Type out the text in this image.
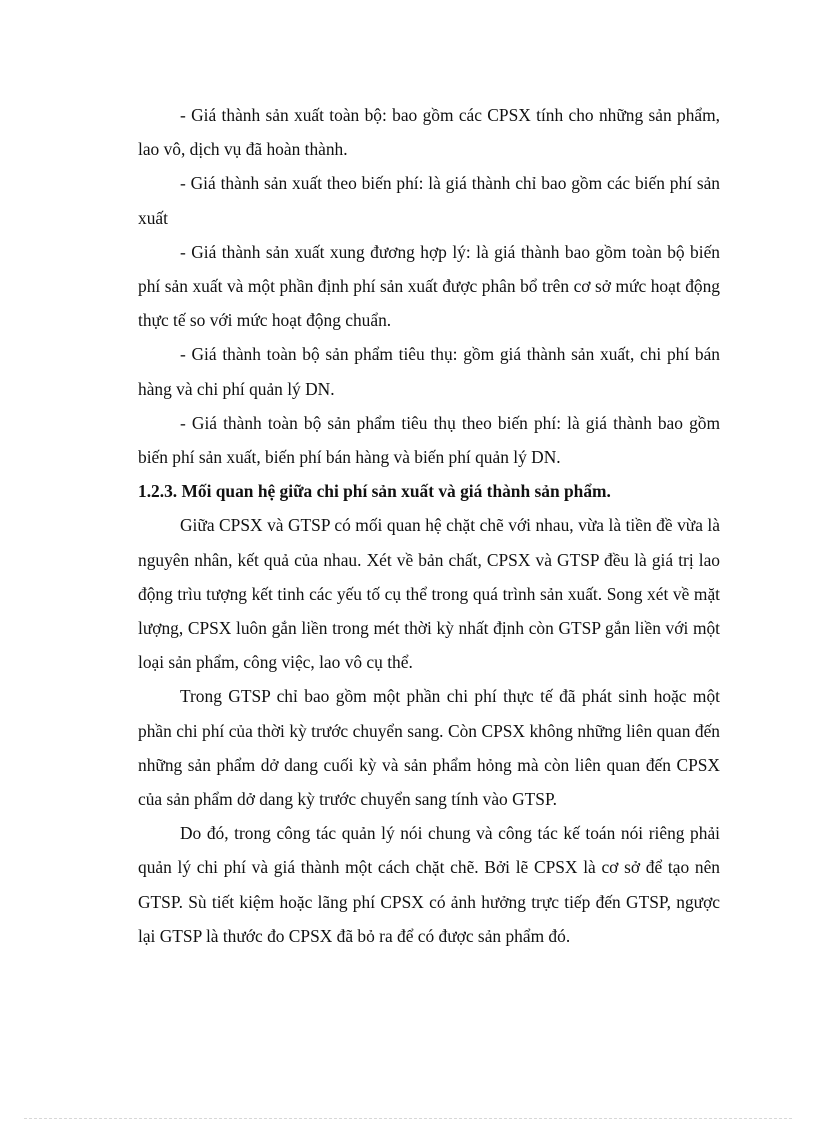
- Giá thành sản xuất toàn bộ: bao gồm các CPSX tính cho những sản phẩm, lao vô, dịch vụ đã hoàn thành.

- Giá thành sản xuất theo biến phí: là giá thành chỉ bao gồm các biến phí sản xuất

- Giá thành sản xuất xung đương hợp lý: là giá thành bao gồm toàn bộ biến phí sản xuất và một phần định phí sản xuất được phân bổ trên cơ sở mức hoạt động thực tế so với mức hoạt động chuẩn.

- Giá thành toàn bộ sản phẩm tiêu thụ: gồm giá thành sản xuất, chi phí bán hàng và chi phí quản lý DN.

- Giá thành toàn bộ sản phẩm tiêu thụ theo biến phí: là giá thành bao gồm biến phí sản xuất, biến phí bán hàng và biến phí quản lý DN.

1.2.3. Mối quan hệ giữa chi phí sản xuất và giá thành sản phẩm.

Giữa CPSX và GTSP có mối quan hệ chặt chẽ với nhau, vừa là tiền đề vừa là nguyên nhân, kết quả của nhau. Xét về bản chất, CPSX và GTSP đều là giá trị lao động trìu tượng kết tinh các yếu tố cụ thể trong quá trình sản xuất. Song xét về mặt lượng, CPSX luôn gắn liền trong mét thời kỳ nhất định còn GTSP gắn liền với một loại sản phẩm, công việc, lao vô cụ thể.

Trong GTSP chỉ bao gồm một phần chi phí thực tế đã phát sinh hoặc một phần chi phí của thời kỳ trước chuyển sang. Còn CPSX không những liên quan đến những sản phẩm dở dang cuối kỳ và sản phẩm hỏng mà còn liên quan đến CPSX của sản phẩm dở dang kỳ trước chuyển sang tính vào GTSP.

Do đó, trong công tác quản lý nói chung và công tác kế toán nói riêng phải quản lý chi phí và giá thành một cách chặt chẽ. Bởi lẽ CPSX là cơ sở để tạo nên GTSP. Sù tiết kiệm hoặc lãng phí CPSX có ảnh hưởng trực tiếp đến GTSP, ngược lại GTSP là thước đo CPSX đã bỏ ra để có được sản phẩm đó.
